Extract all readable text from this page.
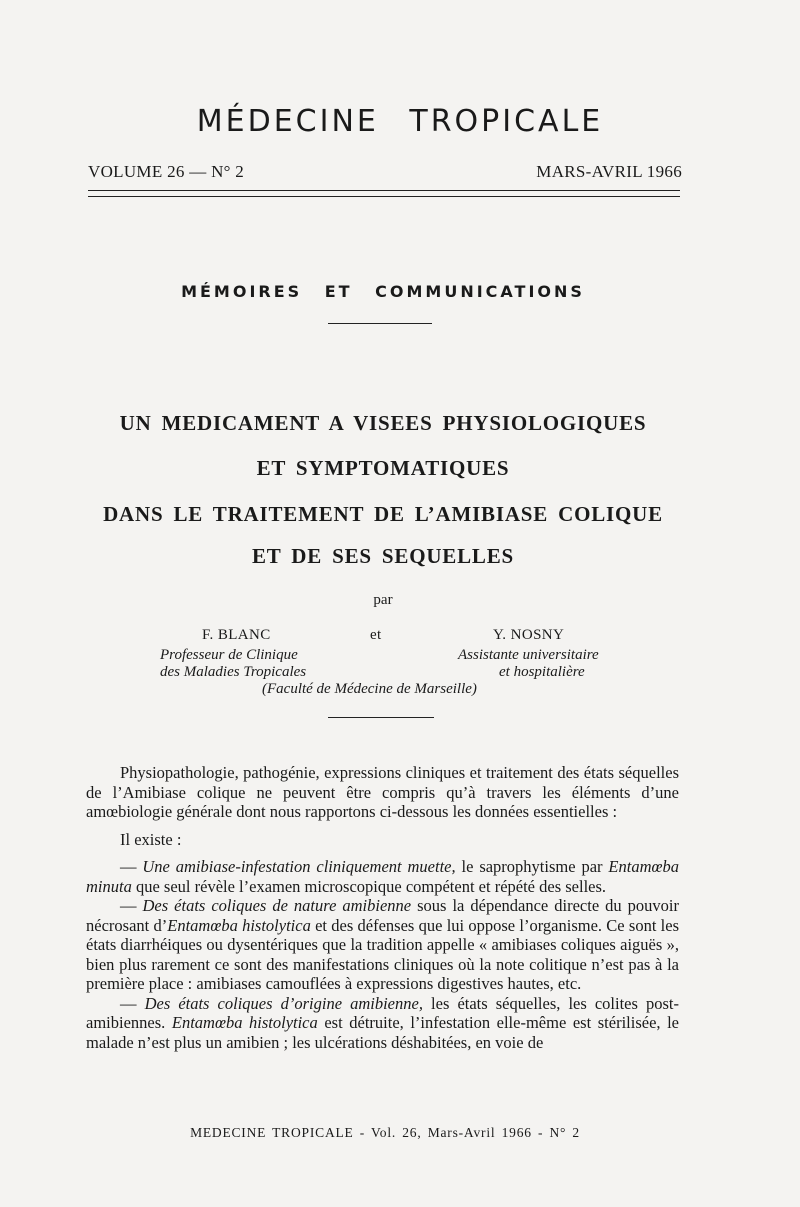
MÉDECINE TROPICALE
VOLUME 26 — N° 2	MARS-AVRIL 1966
MÉMOIRES ET COMMUNICATIONS
UN MEDICAMENT A VISEES PHYSIOLOGIQUES
ET SYMPTOMATIQUES
DANS LE TRAITEMENT DE L’AMIBIASE COLIQUE
ET DE SES SEQUELLES
par
F. BLANC	et	Y. NOSNY
Professeur de Clinique
des Maladies Tropicales
Assistante universitaire
et hospitalière
(Faculté de Médecine de Marseille)

Physiopathologie, pathogénie, expressions cliniques et traitement des états séquelles de l’Amibiase colique ne peuvent être compris qu’à travers les éléments d’une amœbiologie générale dont nous rapportons ci-dessous les données essentielles :

Il existe :

— Une amibiase-infestation cliniquement muette, le saprophytisme par Entamœba minuta que seul révèle l’examen microscopique compétent et répété des selles.

— Des états coliques de nature amibienne sous la dépendance directe du pouvoir nécrosant d’Entamœba histolytica et des défenses que lui oppose l’organisme. Ce sont les états diarrhéiques ou dysentériques que la tradition appelle « amibiases coliques aiguës », bien plus rarement ce sont des manifestations cliniques où la note colitique n’est pas à la première place : amibiases camouflées à expressions digestives hautes, etc.

— Des états coliques d’origine amibienne, les états séquelles, les colites post-amibiennes. Entamœba histolytica est détruite, l’infestation elle-même est stérilisée, le malade n’est plus un amibien ; les ulcérations déshabitées, en voie de

MEDECINE TROPICALE - Vol. 26, Mars-Avril 1966 - N° 2
